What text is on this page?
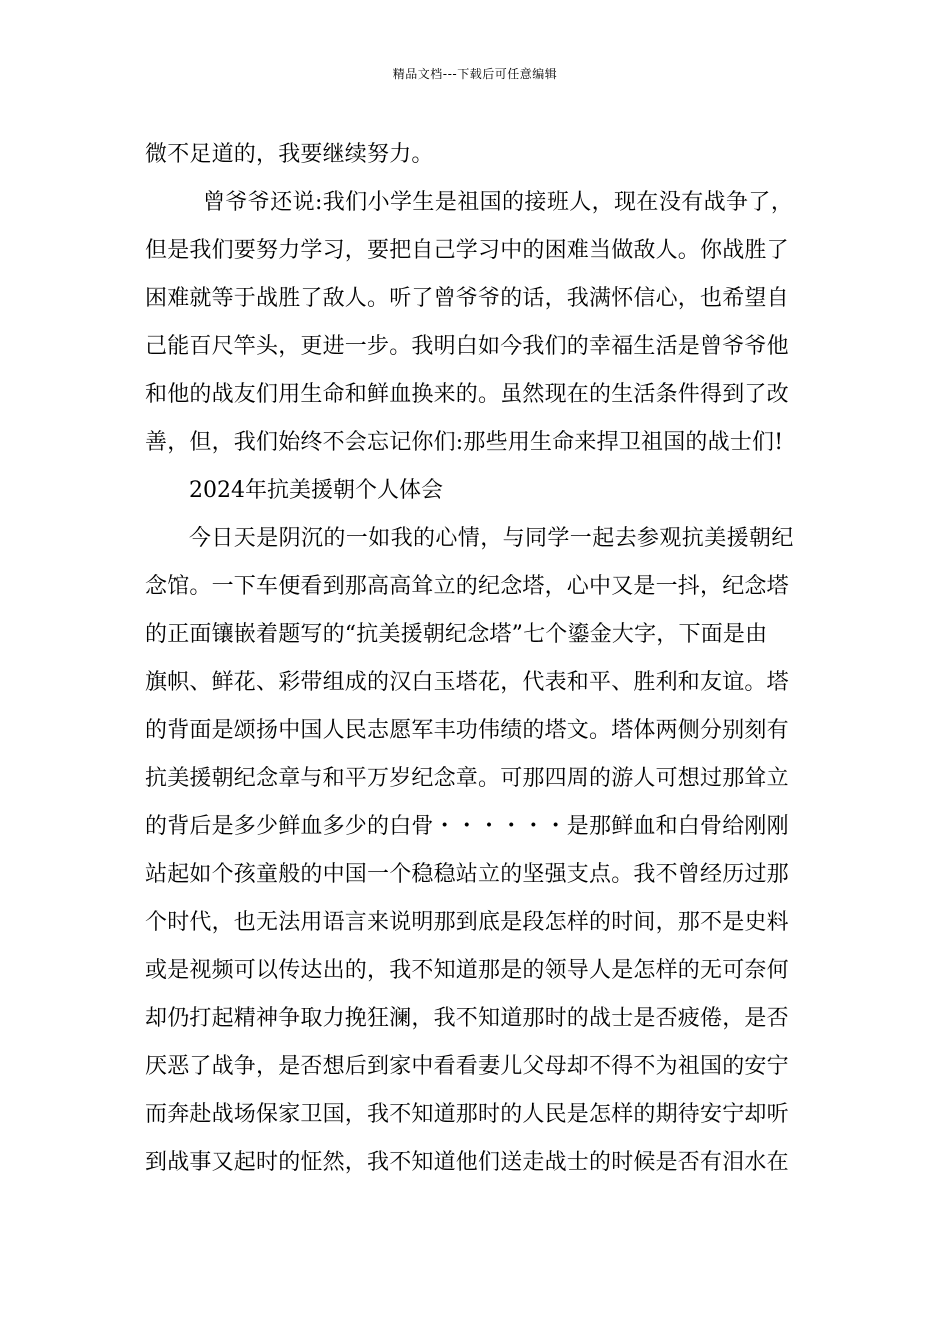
精品文档---下载后可任意编辑
微不足道的，我要继续努力。
曾爷爷还说:我们小学生是祖国的接班人，现在没有战争了，
但是我们要努力学习，要把自己学习中的困难当做敌人。你战胜了
困难就等于战胜了敌人。听了曾爷爷的话，我满怀信心，也希望自
己能百尺竿头，更进一步。我明白如今我们的幸福生活是曾爷爷他
和他的战友们用生命和鲜血换来的。虽然现在的生活条件得到了改
善，但，我们始终不会忘记你们:那些用生命来捍卫祖国的战士们!
2024年抗美援朝个人体会
今日天是阴沉的一如我的心情，与同学一起去参观抗美援朝纪
念馆。一下车便看到那高高耸立的纪念塔，心中又是一抖，纪念塔
的正面镶嵌着题写的“抗美援朝纪念塔”七个鎏金大字，下面是由
旗帜、鲜花、彩带组成的汉白玉塔花，代表和平、胜利和友谊。塔
的背面是颂扬中国人民志愿军丰功伟绩的塔文。塔体两侧分别刻有
抗美援朝纪念章与和平万岁纪念章。可那四周的游人可想过那耸立
的背后是多少鲜血多少的白骨・・・・・・是那鲜血和白骨给刚刚
站起如个孩童般的中国一个稳稳站立的坚强支点。我不曾经历过那
个时代，也无法用语言来说明那到底是段怎样的时间，那不是史料
或是视频可以传达出的，我不知道那是的领导人是怎样的无可奈何
却仍打起精神争取力挽狂澜，我不知道那时的战士是否疲倦，是否
厌恶了战争，是否想后到家中看看妻儿父母却不得不为祖国的安宁
而奔赴战场保家卫国，我不知道那时的人民是怎样的期待安宁却听
到战事又起时的怔然，我不知道他们送走战士的时候是否有泪水在
